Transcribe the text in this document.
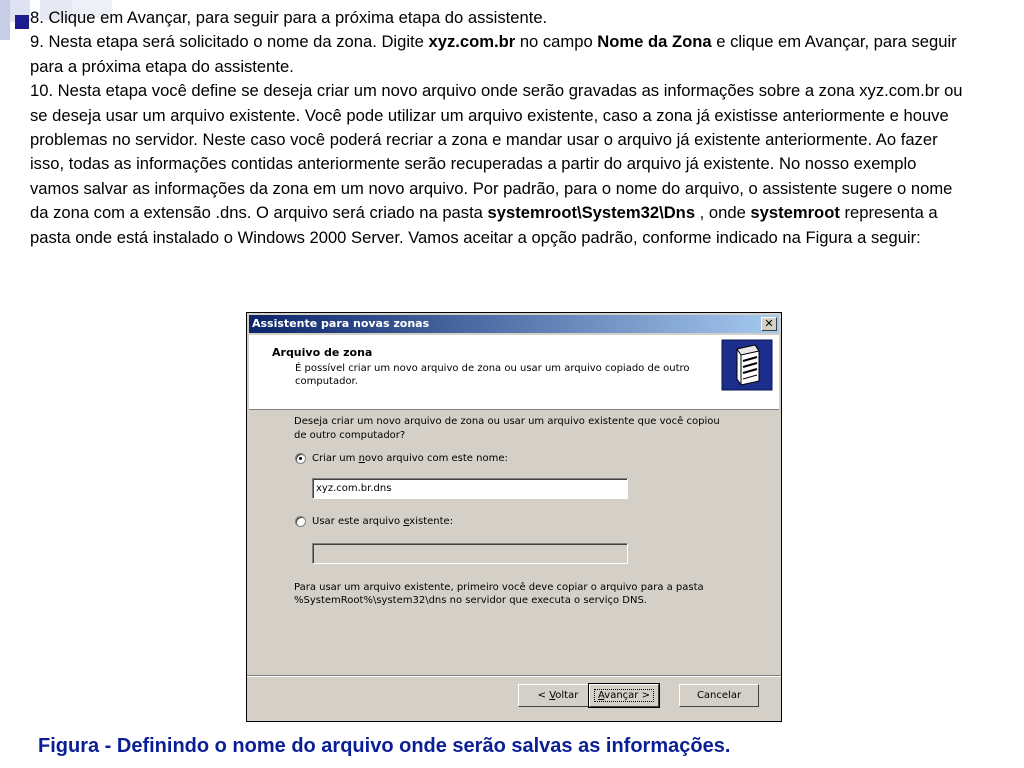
8. Clique em Avançar, para seguir para a próxima etapa do assistente.

9. Nesta etapa será solicitado o nome da zona. Digite xyz.com.br no campo Nome da Zona e clique em Avançar, para seguir para a próxima etapa do assistente.

10. Nesta etapa você define se deseja criar um novo arquivo onde serão gravadas as informações sobre a zona xyz.com.br ou se deseja usar um arquivo existente. Você pode utilizar um arquivo existente, caso a zona já existisse anteriormente e houve problemas no servidor. Neste caso você poderá recriar a zona e mandar usar o arquivo já existente anteriormente. Ao fazer isso, todas as informações contidas anteriormente serão recuperadas a partir do arquivo já existente. No nosso exemplo vamos salvar as informações da zona em um novo arquivo. Por padrão, para o nome do arquivo, o assistente sugere o nome da zona com a extensão .dns. O arquivo será criado na pasta systemroot\System32\Dns , onde systemroot representa a pasta onde está instalado o Windows 2000 Server. Vamos aceitar a opção padrão, conforme indicado na Figura a seguir:

Assistente para novas zonas	✕
Arquivo de zona
É possível criar um novo arquivo de zona ou usar um arquivo copiado de outro computador.
Deseja criar um novo arquivo de zona ou usar um arquivo existente que você copiou de outro computador?
Criar um novo arquivo com este nome:
xyz.com.br.dns
Usar este arquivo existente:
Para usar um arquivo existente, primeiro você deve copiar o arquivo para a pasta %SystemRoot%\system32\dns no servidor que executa o serviço DNS.
< Voltar	Avançar >	Cancelar

Figura - Definindo o nome do arquivo onde serão salvas as informações.
